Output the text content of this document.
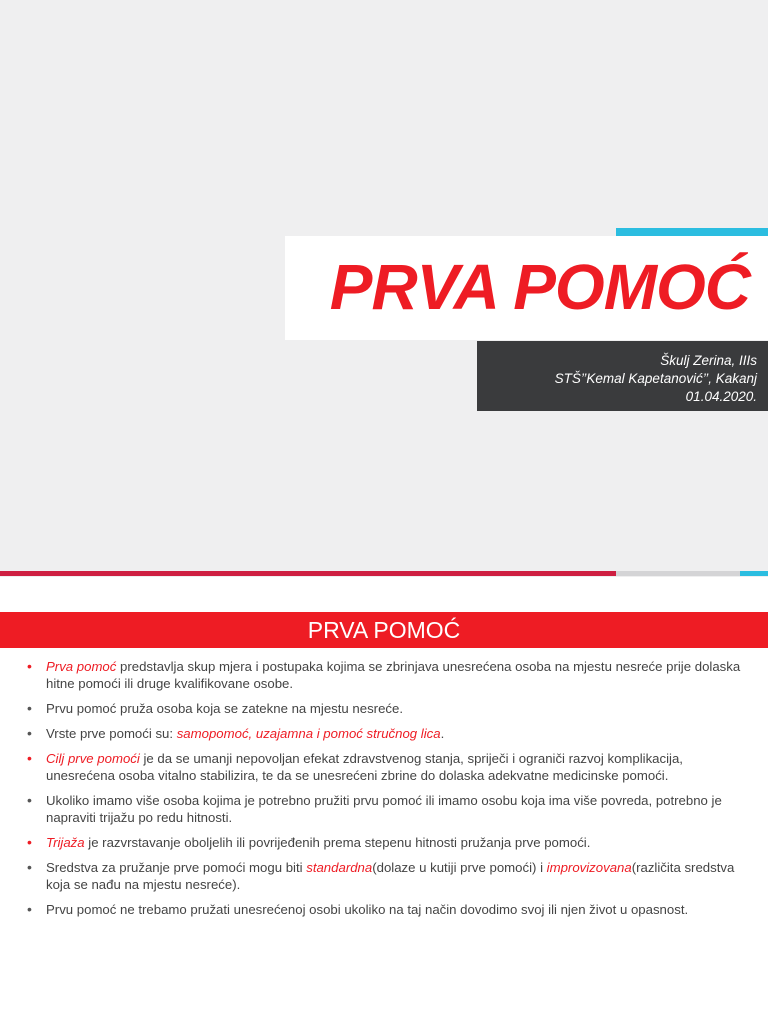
PRVA POMOĆ
Škulj Zerina, IIIs
STŠ’’Kemal Kapetanović’’, Kakanj
01.04.2020.
PRVA POMOĆ
• Prva pomoć predstavlja skup mjera i postupaka kojima se zbrinjava unesrećena osoba na mjestu nesreće prije dolaska hitne pomoći ili druge kvalifikovane osobe.
• Prvu pomoć pruža osoba koja se zatekne na mjestu nesreće.
• Vrste prve pomoći su: samopomoć, uzajamna i pomoć stručnog lica.
• Cilj prve pomoći je da se umanji nepovoljan efekat zdravstvenog stanja, spriječi i ograniči razvoj komplikacija, unesrećena osoba vitalno stabilizira, te da se unesrećeni zbrine do dolaska adekvatne medicinske pomoći.
• Ukoliko imamo više osoba kojima je potrebno pružiti prvu pomoć ili imamo osobu koja ima više povreda, potrebno je napraviti trijažu po redu hitnosti.
• Trijaža je razvrstavanje oboljelih ili povrijeđenih prema stepenu hitnosti pružanja prve pomoći.
• Sredstva za pružanje prve pomoći mogu biti standardna(dolaze u kutiji prve pomoći) i improvizovana(različita sredstva koja se nađu na mjestu nesreće).
• Prvu pomoć ne trebamo pružati unesrećenoj osobi ukoliko na taj način dovodimo svoj ili njen život u opasnost.
